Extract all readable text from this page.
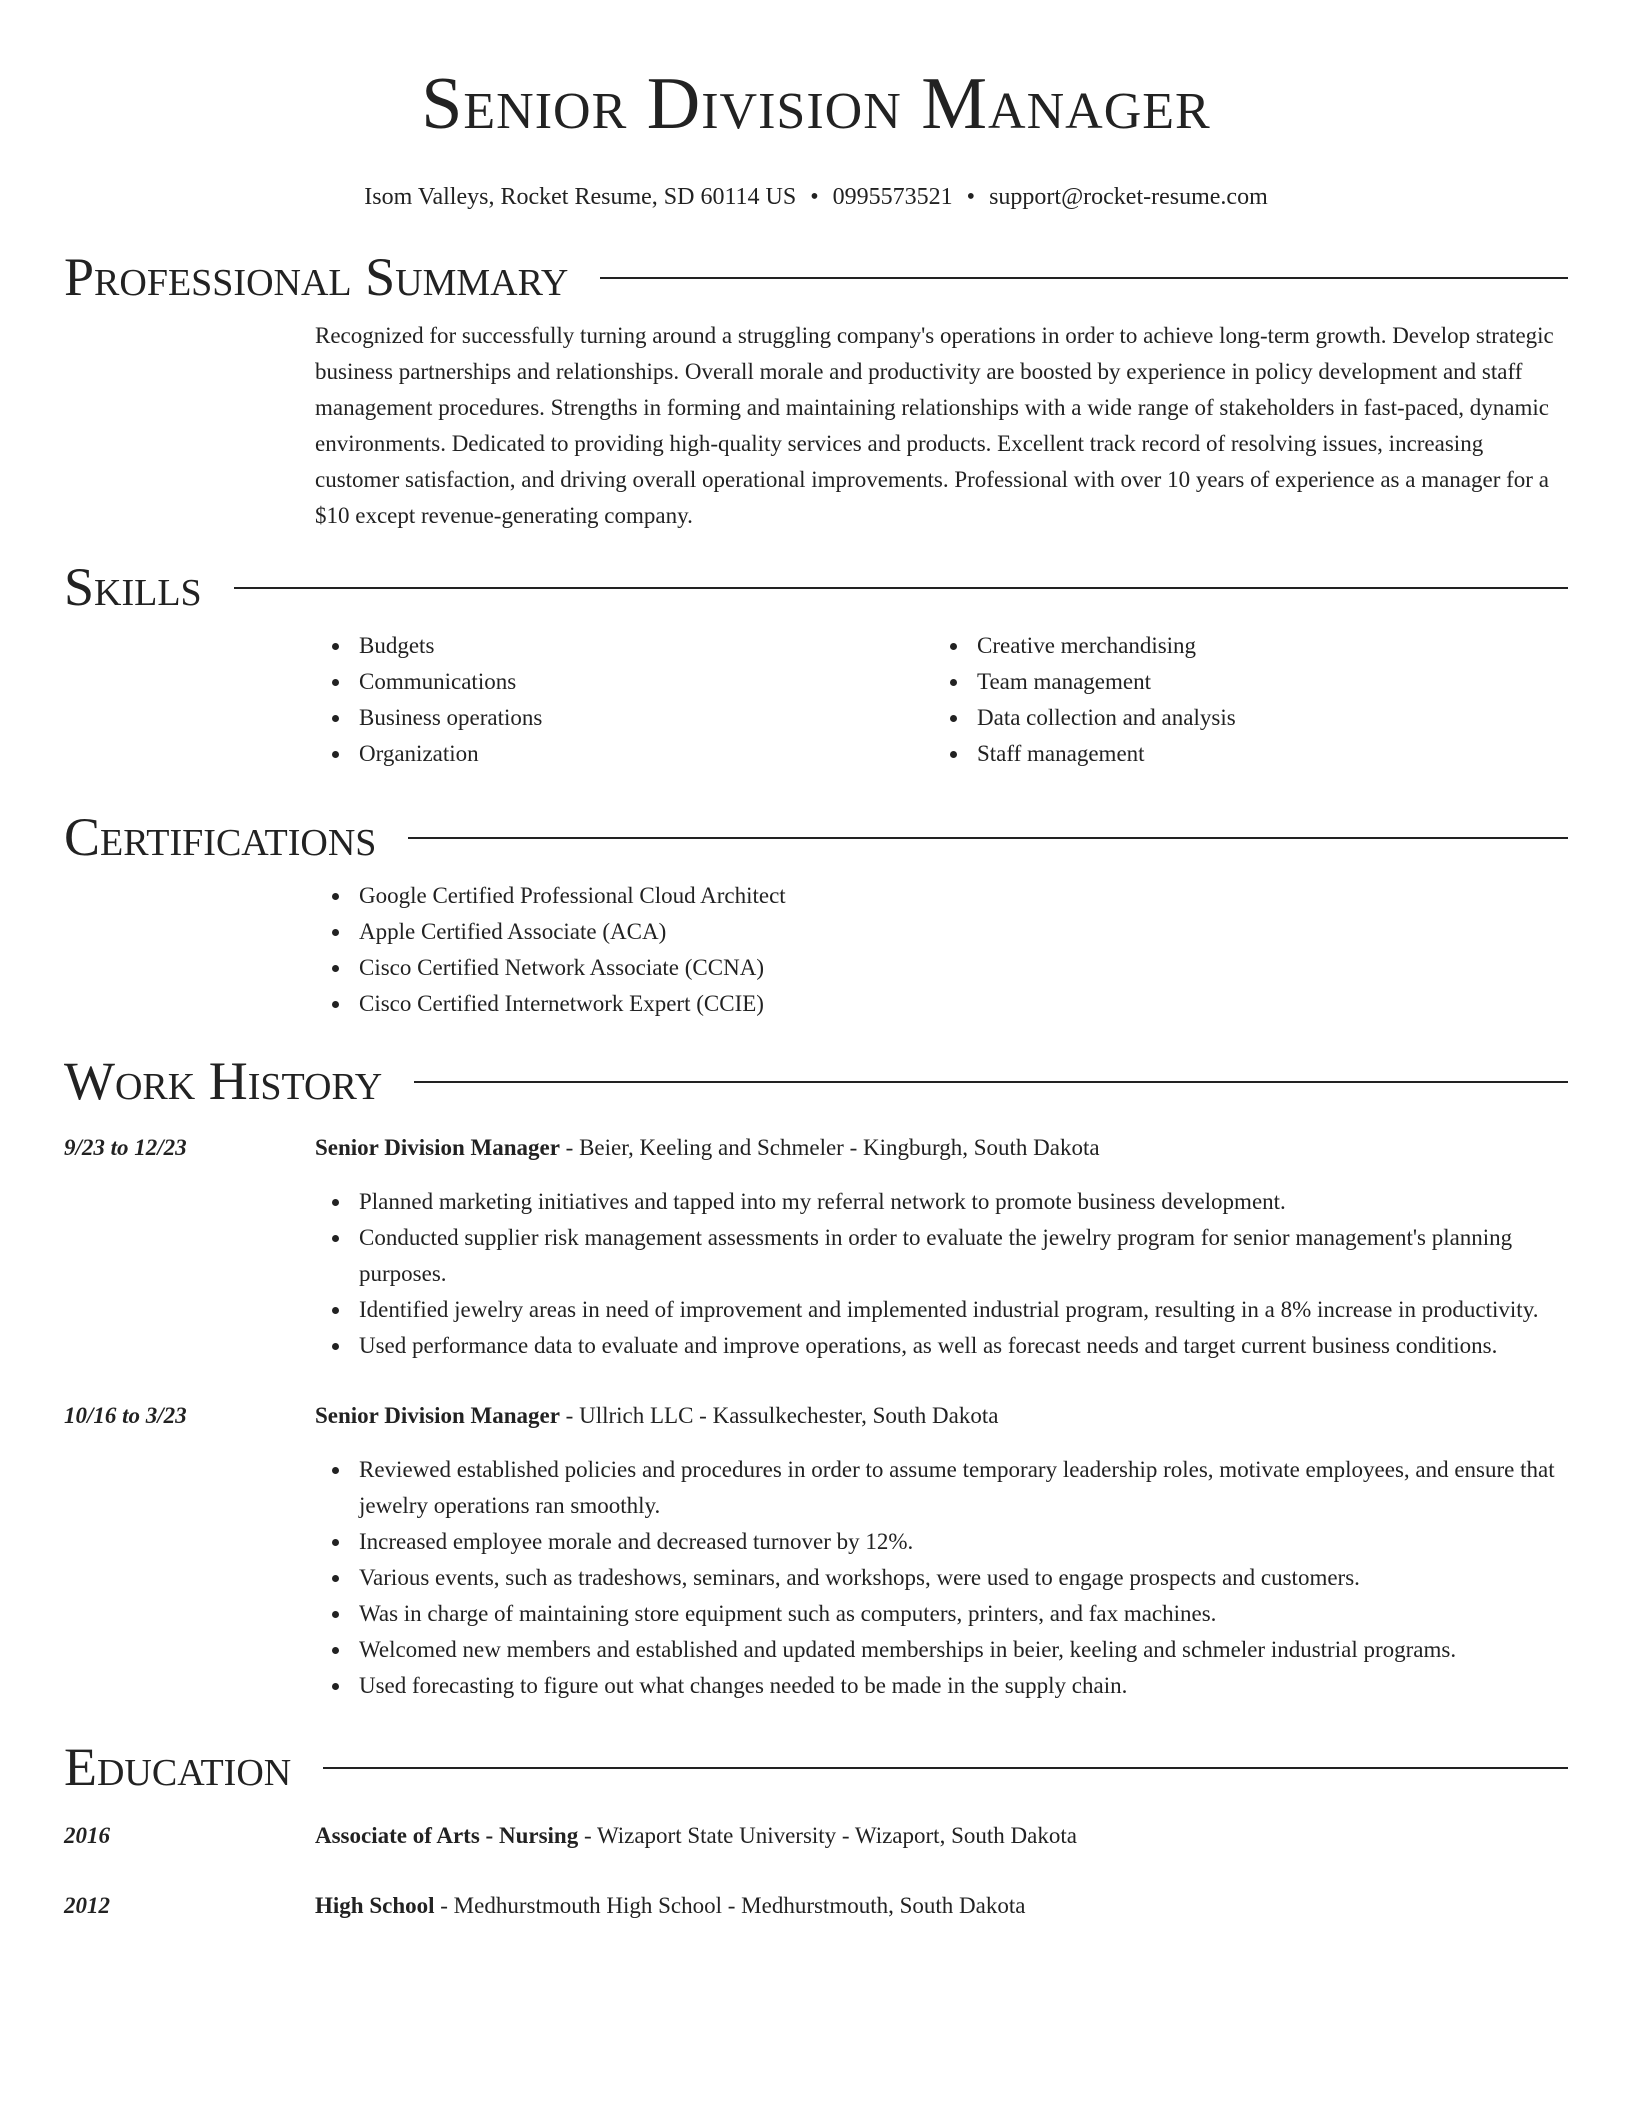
Senior Division Manager
Isom Valleys, Rocket Resume, SD 60114 US • 0995573521 • support@rocket-resume.com
Professional Summary

Recognized for successfully turning around a struggling company's operations in order to achieve long-term growth. Develop strategic business partnerships and relationships. Overall morale and productivity are boosted by experience in policy development and staff management procedures. Strengths in forming and maintaining relationships with a wide range of stakeholders in fast-paced, dynamic environments. Dedicated to providing high-quality services and products. Excellent track record of resolving issues, increasing customer satisfaction, and driving overall operational improvements. Professional with over 10 years of experience as a manager for a $10 except revenue-generating company.

Skills
Budgets
Communications
Business operations
Organization
Creative merchandising
Team management
Data collection and analysis
Staff management
Certifications
Google Certified Professional Cloud Architect
Apple Certified Associate (ACA)
Cisco Certified Network Associate (CCNA)
Cisco Certified Internetwork Expert (CCIE)
Work History
9/23 to 12/23	Senior Division Manager - Beier, Keeling and Schmeler - Kingburgh, South Dakota
Planned marketing initiatives and tapped into my referral network to promote business development.
Conducted supplier risk management assessments in order to evaluate the jewelry program for senior management's planning purposes.
Identified jewelry areas in need of improvement and implemented industrial program, resulting in a 8% increase in productivity.
Used performance data to evaluate and improve operations, as well as forecast needs and target current business conditions.
10/16 to 3/23	Senior Division Manager - Ullrich LLC - Kassulkechester, South Dakota
Reviewed established policies and procedures in order to assume temporary leadership roles, motivate employees, and ensure that jewelry operations ran smoothly.
Increased employee morale and decreased turnover by 12%.
Various events, such as tradeshows, seminars, and workshops, were used to engage prospects and customers.
Was in charge of maintaining store equipment such as computers, printers, and fax machines.
Welcomed new members and established and updated memberships in beier, keeling and schmeler industrial programs.
Used forecasting to figure out what changes needed to be made in the supply chain.
Education
2016	Associate of Arts - Nursing - Wizaport State University - Wizaport, South Dakota
2012	High School - Medhurstmouth High School - Medhurstmouth, South Dakota
